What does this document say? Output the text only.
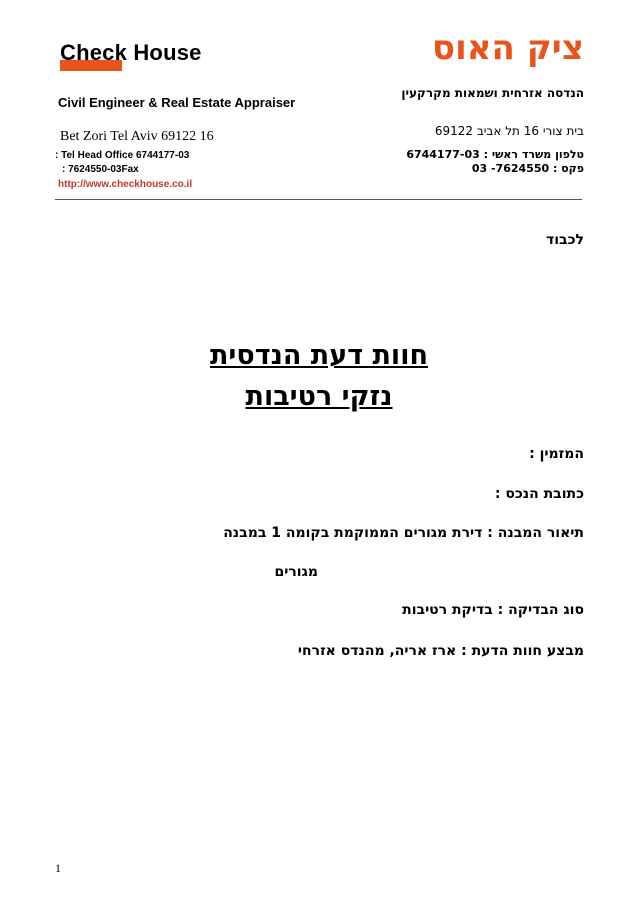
Check House
Civil Engineer & Real Estate Appraiser
Bet Zori Tel Aviv 69122 16
: Tel Head Office 6744177-03
: 7624550-03Fax
http://www.checkhouse.co.il
ציק האוס
הנדסה אזרחית ושמאות מקרקעין
בית צורי 16 תל אביב 69122
טלפון משרד ראשי : 6744177-03
פקס : 7624550- 03
לכבוד
חוות דעת הנדסית
נזקי רטיבות
המזמין :
כתובת הנכס :
תיאור המבנה : דירת מגורים הממוקמת בקומה 1 במבנה
מגורים
סוג הבדיקה : בדיקת רטיבות
מבצע חוות הדעת : ארז אריה, מהנדס אזרחי
1
